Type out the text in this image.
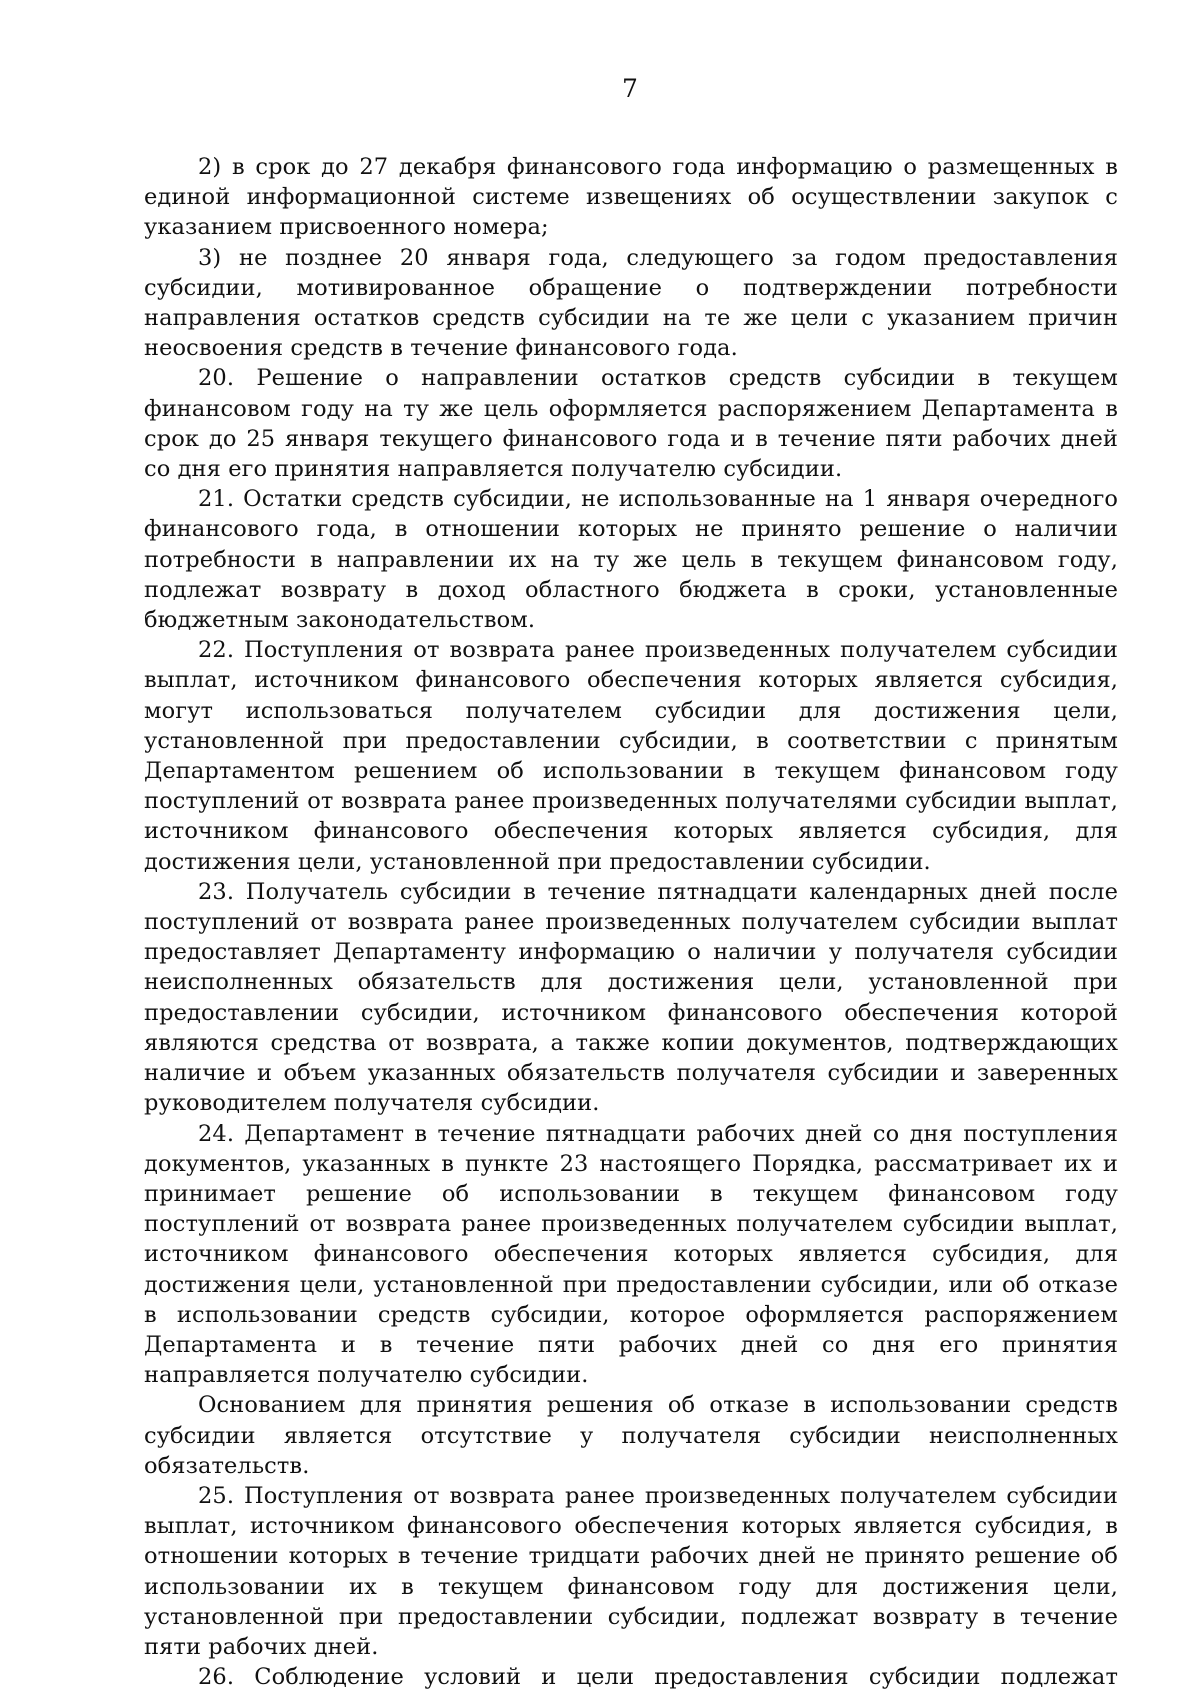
7

2) в срок до 27 декабря финансового года информацию о размещенных в единой информационной системе извещениях об осуществлении закупок с указанием присвоенного номера;

3) не позднее 20 января года, следующего за годом предоставления субсидии, мотивированное обращение о подтверждении потребности направления остатков средств субсидии на те же цели с указанием причин неосвоения средств в течение финансового года.

20. Решение о направлении остатков средств субсидии в текущем финансовом году на ту же цель оформляется распоряжением Департамента в срок до 25 января текущего финансового года и в течение пяти рабочих дней со дня его принятия направляется получателю субсидии.

21. Остатки средств субсидии, не использованные на 1 января очередного финансового года, в отношении которых не принято решение о наличии потребности в направлении их на ту же цель в текущем финансовом году, подлежат возврату в доход областного бюджета в сроки, установленные бюджетным законодательством.

22. Поступления от возврата ранее произведенных получателем субсидии выплат, источником финансового обеспечения которых является субсидия, могут использоваться получателем субсидии для достижения цели, установленной при предоставлении субсидии, в соответствии с принятым Департаментом решением об использовании в текущем финансовом году поступлений от возврата ранее произведенных получателями субсидии выплат, источником финансового обеспечения которых является субсидия, для достижения цели, установленной при предоставлении субсидии.

23. Получатель субсидии в течение пятнадцати календарных дней после поступлений от возврата ранее произведенных получателем субсидии выплат предоставляет Департаменту информацию о наличии у получателя субсидии неисполненных обязательств для достижения цели, установленной при предоставлении субсидии, источником финансового обеспечения которой являются средства от возврата, а также копии документов, подтверждающих наличие и объем указанных обязательств получателя субсидии и заверенных руководителем получателя субсидии.

24. Департамент в течение пятнадцати рабочих дней со дня поступления документов, указанных в пункте 23 настоящего Порядка, рассматривает их и принимает решение об использовании в текущем финансовом году поступлений от возврата ранее произведенных получателем субсидии выплат, источником финансового обеспечения которых является субсидия, для достижения цели, установленной при предоставлении субсидии, или об отказе в использовании средств субсидии, которое оформляется распоряжением Департамента и в течение пяти рабочих дней со дня его принятия направляется получателю субсидии.

Основанием для принятия решения об отказе в использовании средств субсидии является отсутствие у получателя субсидии неисполненных обязательств.

25. Поступления от возврата ранее произведенных получателем субсидии выплат, источником финансового обеспечения которых является субсидия, в отношении которых в течение тридцати рабочих дней не принято решение об использовании их в текущем финансовом году для достижения цели, установленной при предоставлении субсидии, подлежат возврату в течение пяти рабочих дней.

26. Соблюдение условий и цели предоставления субсидии подлежат
